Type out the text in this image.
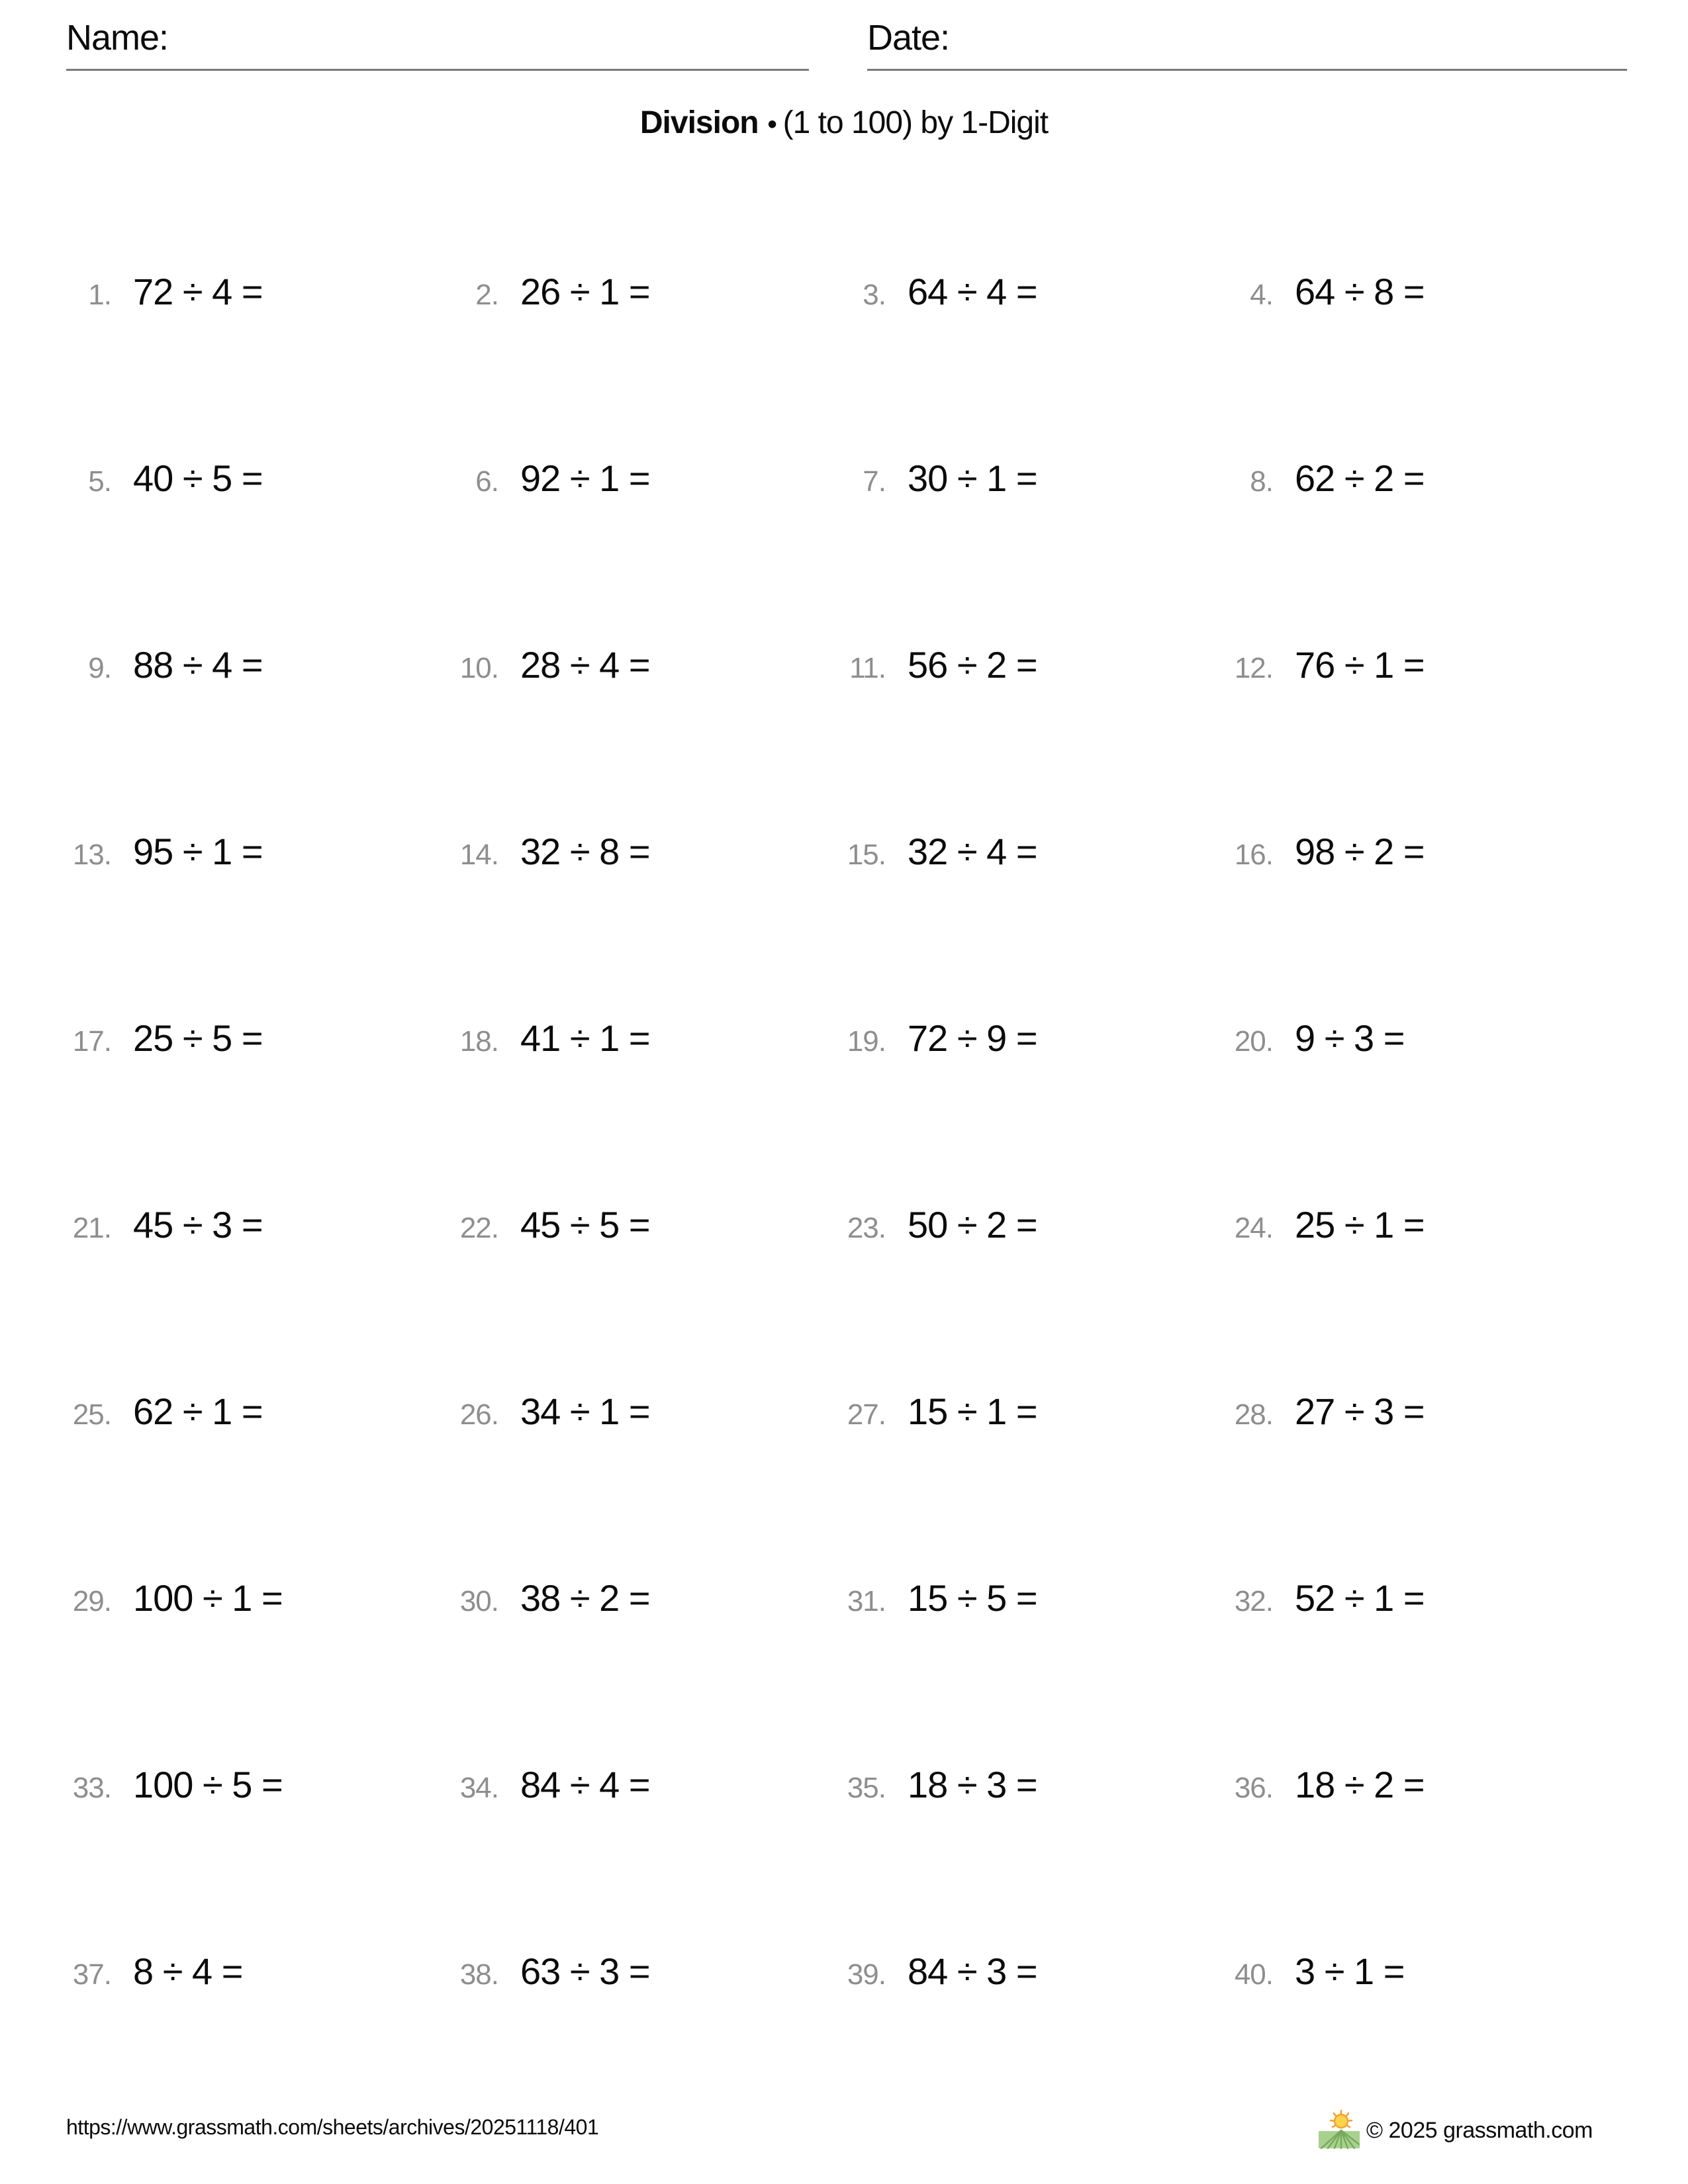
Name:	Date:
Division • (1 to 100) by 1-Digit
1. 72 ÷ 4 =	2. 26 ÷ 1 =	3. 64 ÷ 4 =	4. 64 ÷ 8 =
5. 40 ÷ 5 =	6. 92 ÷ 1 =	7. 30 ÷ 1 =	8. 62 ÷ 2 =
9. 88 ÷ 4 =	10. 28 ÷ 4 =	11. 56 ÷ 2 =	12. 76 ÷ 1 =
13. 95 ÷ 1 =	14. 32 ÷ 8 =	15. 32 ÷ 4 =	16. 98 ÷ 2 =
17. 25 ÷ 5 =	18. 41 ÷ 1 =	19. 72 ÷ 9 =	20. 9 ÷ 3 =
21. 45 ÷ 3 =	22. 45 ÷ 5 =	23. 50 ÷ 2 =	24. 25 ÷ 1 =
25. 62 ÷ 1 =	26. 34 ÷ 1 =	27. 15 ÷ 1 =	28. 27 ÷ 3 =
29. 100 ÷ 1 =	30. 38 ÷ 2 =	31. 15 ÷ 5 =	32. 52 ÷ 1 =
33. 100 ÷ 5 =	34. 84 ÷ 4 =	35. 18 ÷ 3 =	36. 18 ÷ 2 =
37. 8 ÷ 4 =	38. 63 ÷ 3 =	39. 84 ÷ 3 =	40. 3 ÷ 1 =
https://www.grassmath.com/sheets/archives/20251118/401	© 2025 grassmath.com
